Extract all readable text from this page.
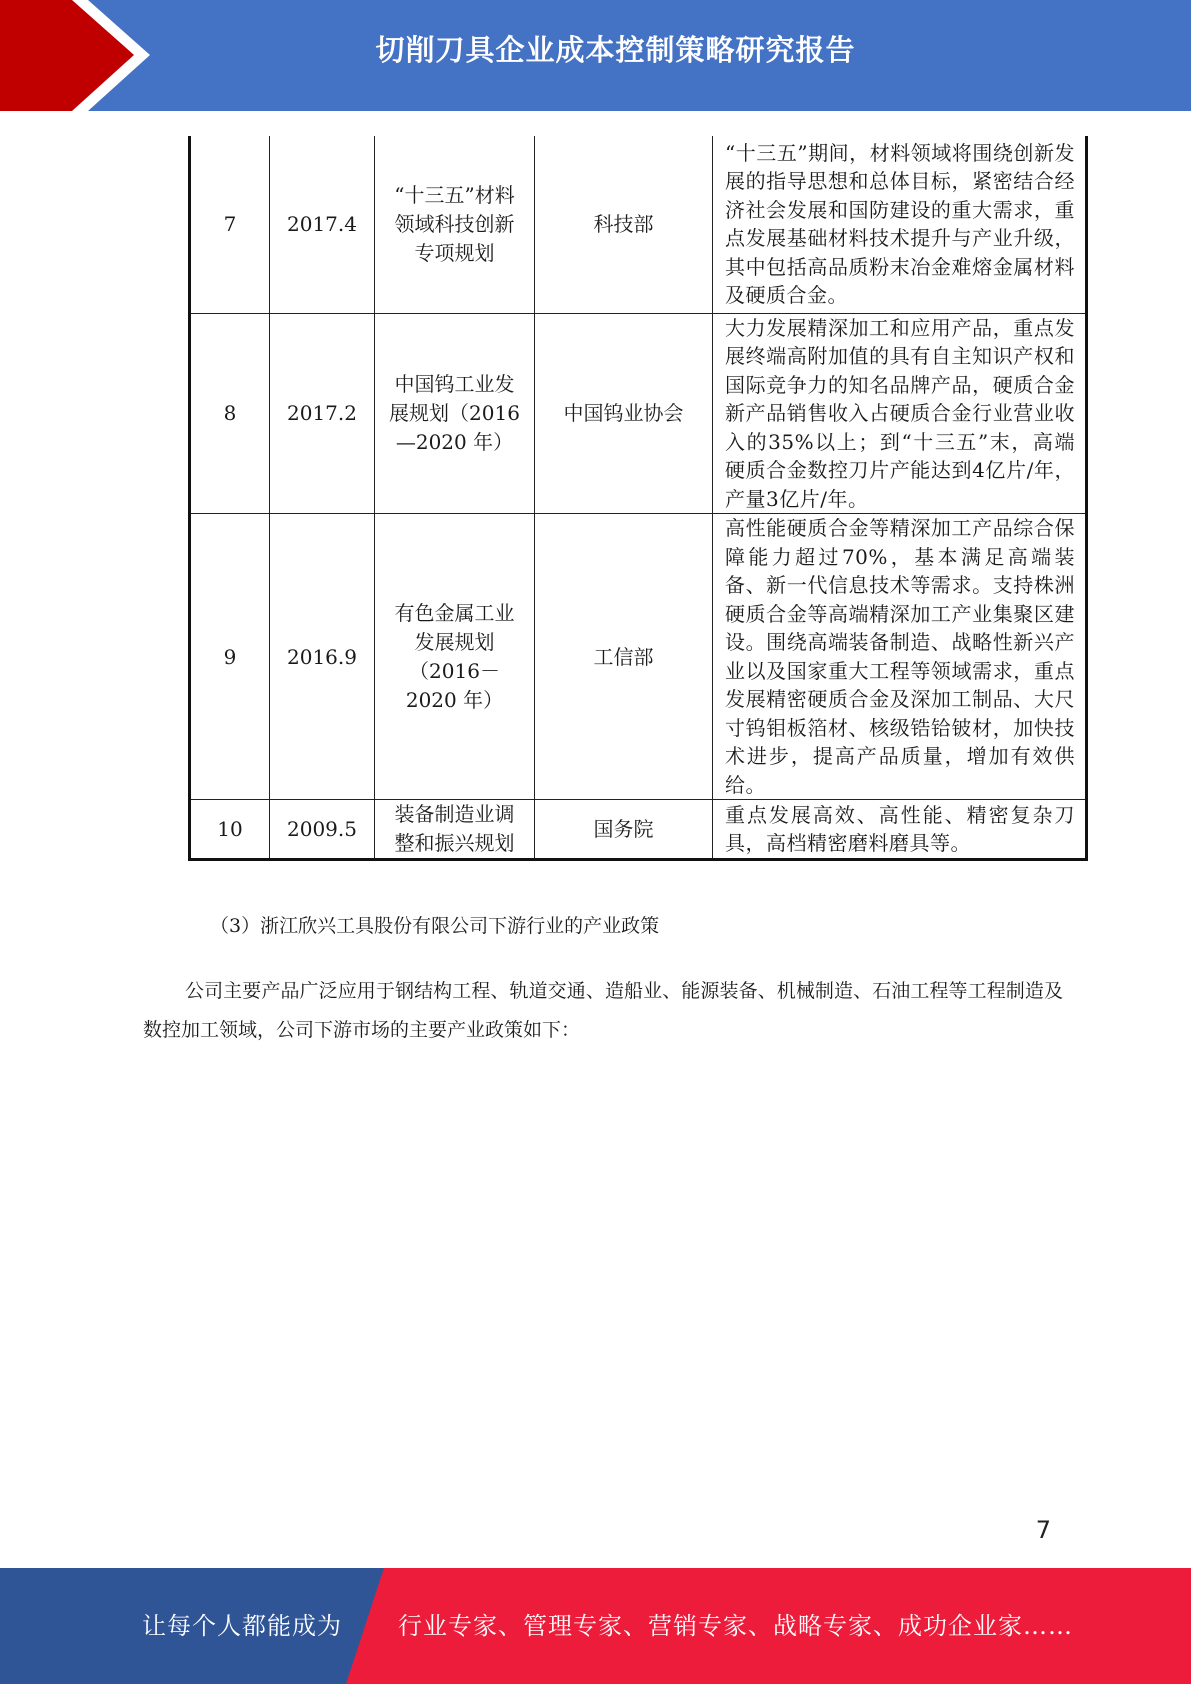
切削刀具企业成本控制策略研究报告
7	2017.4	“十三五”材料领域科技创新专项规划	科技部	“十三五”期间，材料领域将围绕创新发展的指导思想和总体目标，紧密结合经济社会发展和国防建设的重大需求，重点发展基础材料技术提升与产业升级，其中包括高品质粉末冶金难熔金属材料及硬质合金。
8	2017.2	中国钨工业发展规划（2016—2020 年）	中国钨业协会	大力发展精深加工和应用产品，重点发展终端高附加值的具有自主知识产权和国际竞争力的知名品牌产品，硬质合金新产品销售收入占硬质合金行业营业收入的35%以上；到“十三五”末，高端硬质合金数控刀片产能达到4亿片/年，产量3亿片/年。
9	2016.9	有色金属工业发展规划（2016－2020 年）	工信部	高性能硬质合金等精深加工产品综合保障能力超过70%，基本满足高端装备、新一代信息技术等需求。支持株洲硬质合金等高端精深加工产业集聚区建设。围绕高端装备制造、战略性新兴产业以及国家重大工程等领域需求，重点发展精密硬质合金及深加工制品、大尺寸钨钼板箔材、核级锆铪铍材，加快技术进步，提高产品质量，增加有效供给。
10	2009.5	装备制造业调整和振兴规划	国务院	重点发展高效、高性能、精密复杂刀具，高档精密磨料磨具等。
（3）浙江欣兴工具股份有限公司下游行业的产业政策
公司主要产品广泛应用于钢结构工程、轨道交通、造船业、能源装备、机械制造、石油工程等工程制造及数控加工领域，公司下游市场的主要产业政策如下：
7
让每个人都能成为 行业专家、管理专家、营销专家、战略专家、成功企业家……
